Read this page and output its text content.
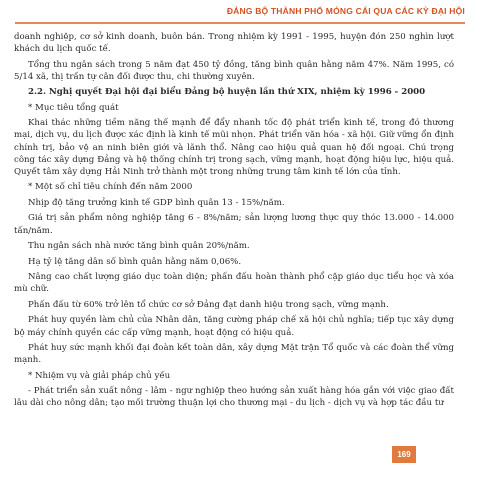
ĐẢNG BỘ THÀNH PHỐ MÓNG CÁI QUA CÁC KỲ ĐẠI HỘI

doanh nghiệp, cơ sở kinh doanh, buôn bán. Trong nhiệm kỳ 1991 - 1995, huyện đón 250 nghìn lượt khách du lịch quốc tế.

Tổng thu ngân sách trong 5 năm đạt 450 tỷ đồng, tăng bình quân hằng năm 47%. Năm 1995, có 5/14 xã, thị trấn tự cân đối được thu, chi thường xuyên.

2.2. Nghị quyết Đại hội đại biểu Đảng bộ huyện lần thứ XIX, nhiệm kỳ 1996 - 2000

* Mục tiêu tổng quát

Khai thác những tiềm năng thế mạnh để đẩy nhanh tốc độ phát triển kinh tế, trong đó thương mại, dịch vụ, du lịch được xác định là kinh tế mũi nhọn. Phát triển văn hóa - xã hội. Giữ vững ổn định chính trị, bảo vệ an ninh biên giới và lãnh thổ. Nâng cao hiệu quả quan hệ đối ngoại. Chú trọng công tác xây dựng Đảng và hệ thống chính trị trong sạch, vững mạnh, hoạt động hiệu lực, hiệu quả. Quyết tâm xây dựng Hải Ninh trở thành một trong những trung tâm kinh tế lớn của tỉnh.

* Một số chỉ tiêu chính đến năm 2000

Nhịp độ tăng trưởng kinh tế GDP bình quân 13 - 15%/năm.

Giá trị sản phẩm nông nghiệp tăng 6 - 8%/năm; sản lượng lương thực quy thóc 13.000 - 14.000 tấn/năm.

Thu ngân sách nhà nước tăng bình quân 20%/năm.

Hạ tỷ lệ tăng dân số bình quân hằng năm 0,06%.

Nâng cao chất lượng giáo dục toàn diện; phấn đấu hoàn thành phổ cập giáo dục tiểu học và xóa mù chữ.

Phấn đấu từ 60% trở lên tổ chức cơ sở Đảng đạt danh hiệu trong sạch, vững mạnh.

Phát huy quyền làm chủ của Nhân dân, tăng cường pháp chế xã hội chủ nghĩa; tiếp tục xây dựng bộ máy chính quyền các cấp vững mạnh, hoạt động có hiệu quả.

Phát huy sức mạnh khối đại đoàn kết toàn dân, xây dựng Mặt trận Tổ quốc và các đoàn thể vững mạnh.

* Nhiệm vụ và giải pháp chủ yếu

- Phát triển sản xuất nông - lâm - ngư nghiệp theo hướng sản xuất hàng hóa gắn với việc giao đất lâu dài cho nông dân; tạo mối trường thuận lợi cho thương mại - du lịch - dịch vụ và hợp tác đầu tư

169
